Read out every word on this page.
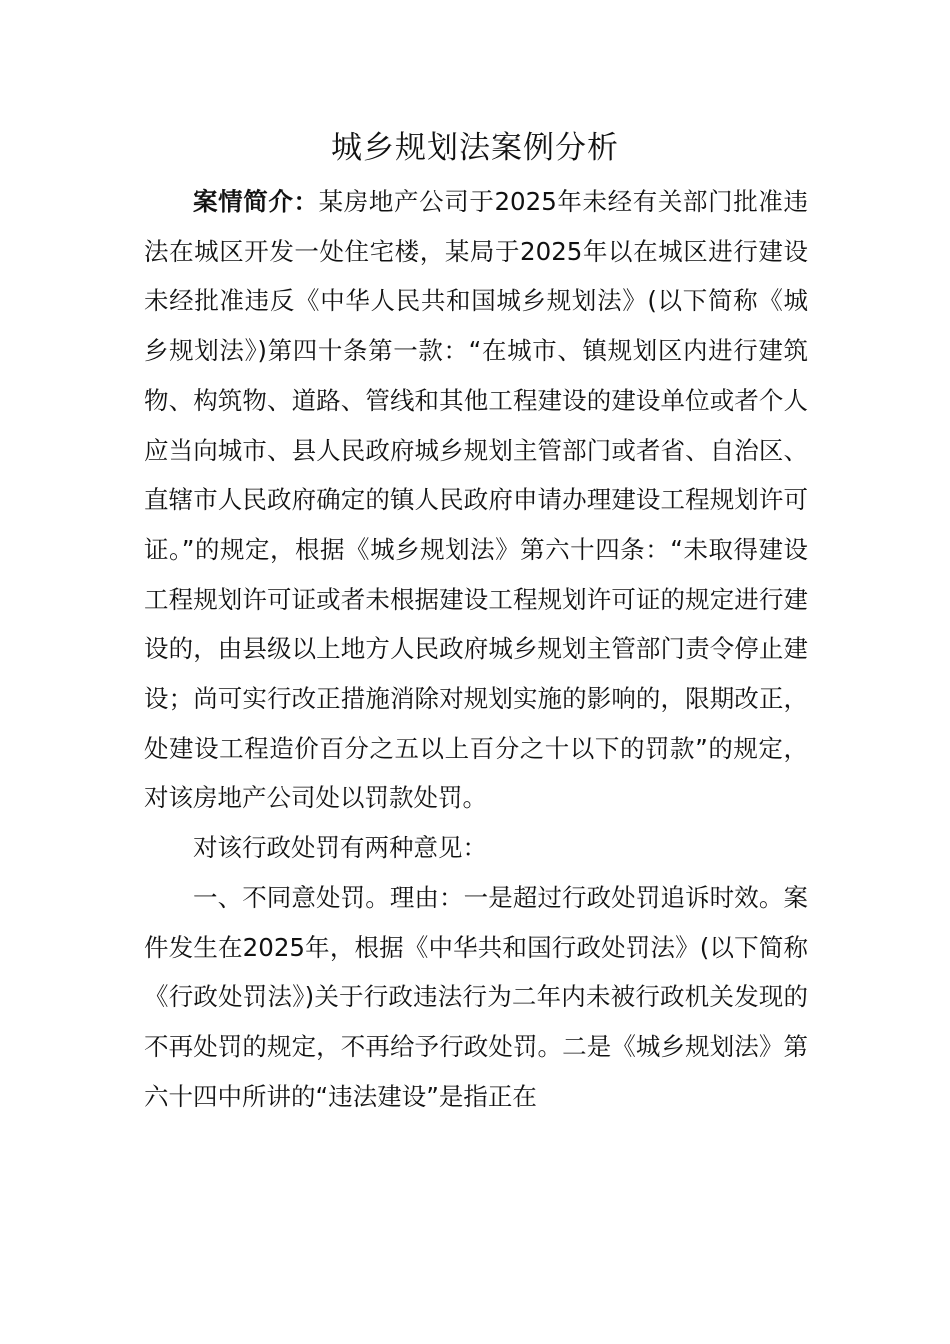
城乡规划法案例分析

案情简介：某房地产公司于2025年未经有关部门批准违法在城区开发一处住宅楼，某局于2025年以在城区进行建设未经批准违反《中华人民共和国城乡规划法》(以下简称《城乡规划法》)第四十条第一款：“在城市、镇规划区内进行建筑物、构筑物、道路、管线和其他工程建设的建设单位或者个人应当向城市、县人民政府城乡规划主管部门或者省、自治区、直辖市人民政府确定的镇人民政府申请办理建设工程规划许可证。”的规定，根据《城乡规划法》第六十四条：“未取得建设工程规划许可证或者未根据建设工程规划许可证的规定进行建设的，由县级以上地方人民政府城乡规划主管部门责令停止建设；尚可实行改正措施消除对规划实施的影响的，限期改正，处建设工程造价百分之五以上百分之十以下的罚款”的规定，对该房地产公司处以罚款处罚。

对该行政处罚有两种意见：

一、不同意处罚。理由：一是超过行政处罚追诉时效。案件发生在2025年，根据《中华共和国行政处罚法》(以下简称《行政处罚法》)关于行政违法行为二年内未被行政机关发现的不再处罚的规定，不再给予行政处罚。二是《城乡规划法》第六十四中所讲的“违法建设”是指正在
